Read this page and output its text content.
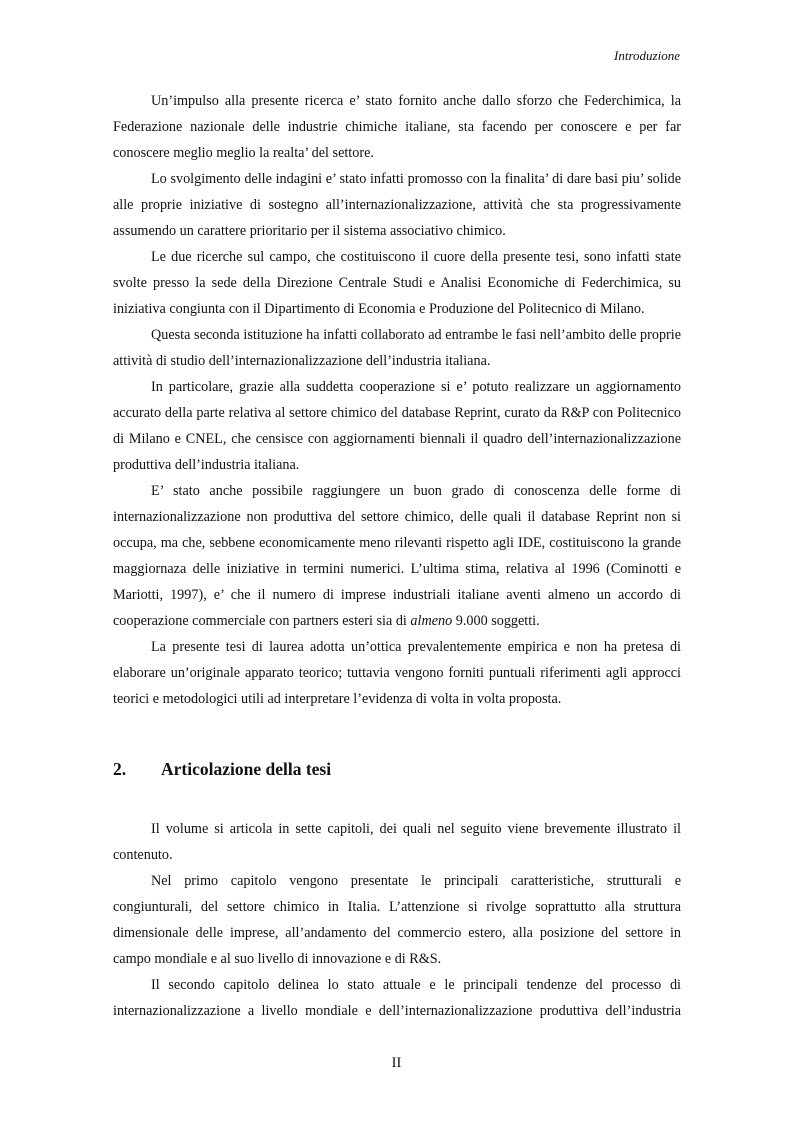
Introduzione

Un’impulso alla presente ricerca e’ stato fornito anche dallo sforzo che Federchimica, la Federazione nazionale delle industrie chimiche italiane, sta facendo per conoscere e per far conoscere meglio meglio la realta’ del settore.

Lo svolgimento delle indagini e’ stato infatti promosso con la finalita’ di dare basi piu’ solide alle proprie iniziative di sostegno all’internazionalizzazione, attività che sta progressivamente assumendo un carattere prioritario per il sistema associativo chimico.

Le due ricerche sul campo, che costituiscono il cuore della presente tesi, sono infatti state svolte presso la sede della Direzione Centrale Studi e Analisi Economiche di Federchimica, su iniziativa congiunta con il Dipartimento di Economia e Produzione del Politecnico di Milano.

Questa seconda istituzione ha infatti collaborato ad entrambe le fasi nell’ambito delle proprie attività di studio dell’internazionalizzazione dell’industria italiana.

In particolare, grazie alla suddetta cooperazione si e’ potuto realizzare un aggiornamento accurato della parte relativa al settore chimico del database Reprint, curato da R&P con Politecnico di Milano e CNEL, che censisce con aggiornamenti biennali il quadro dell’internazionalizzazione produttiva dell’industria italiana.

E’ stato anche possibile raggiungere un buon grado di conoscenza delle forme di internazionalizzazione non produttiva del settore chimico, delle quali il database Reprint non si occupa, ma che, sebbene economicamente meno rilevanti rispetto agli IDE, costituiscono la grande maggiornaza delle iniziative in termini numerici. L’ultima stima, relativa al 1996 (Cominotti e Mariotti, 1997), e’ che il numero di imprese industriali italiane aventi almeno un accordo di cooperazione commerciale con partners esteri sia di almeno 9.000 soggetti.

La presente tesi di laurea adotta un’ottica prevalentemente empirica e non ha pretesa di elaborare un’originale apparato teorico; tuttavia vengono forniti puntuali riferimenti agli approcci teorici e metodologici utili ad interpretare l’evidenza di volta in volta proposta.

2. Articolazione della tesi

Il volume si articola in sette capitoli, dei quali nel seguito viene brevemente illustrato il contenuto.

Nel primo capitolo vengono presentate le principali caratteristiche, strutturali e congiunturali, del settore chimico in Italia. L’attenzione si rivolge soprattutto alla struttura dimensionale delle imprese, all’andamento del commercio estero, alla posizione del settore in campo mondiale e al suo livello di innovazione e di R&S.

Il secondo capitolo delinea lo stato attuale e le principali tendenze del processo di internazionalizzazione a livello mondiale e dell’internazionalizzazione produttiva dell’industria

II
